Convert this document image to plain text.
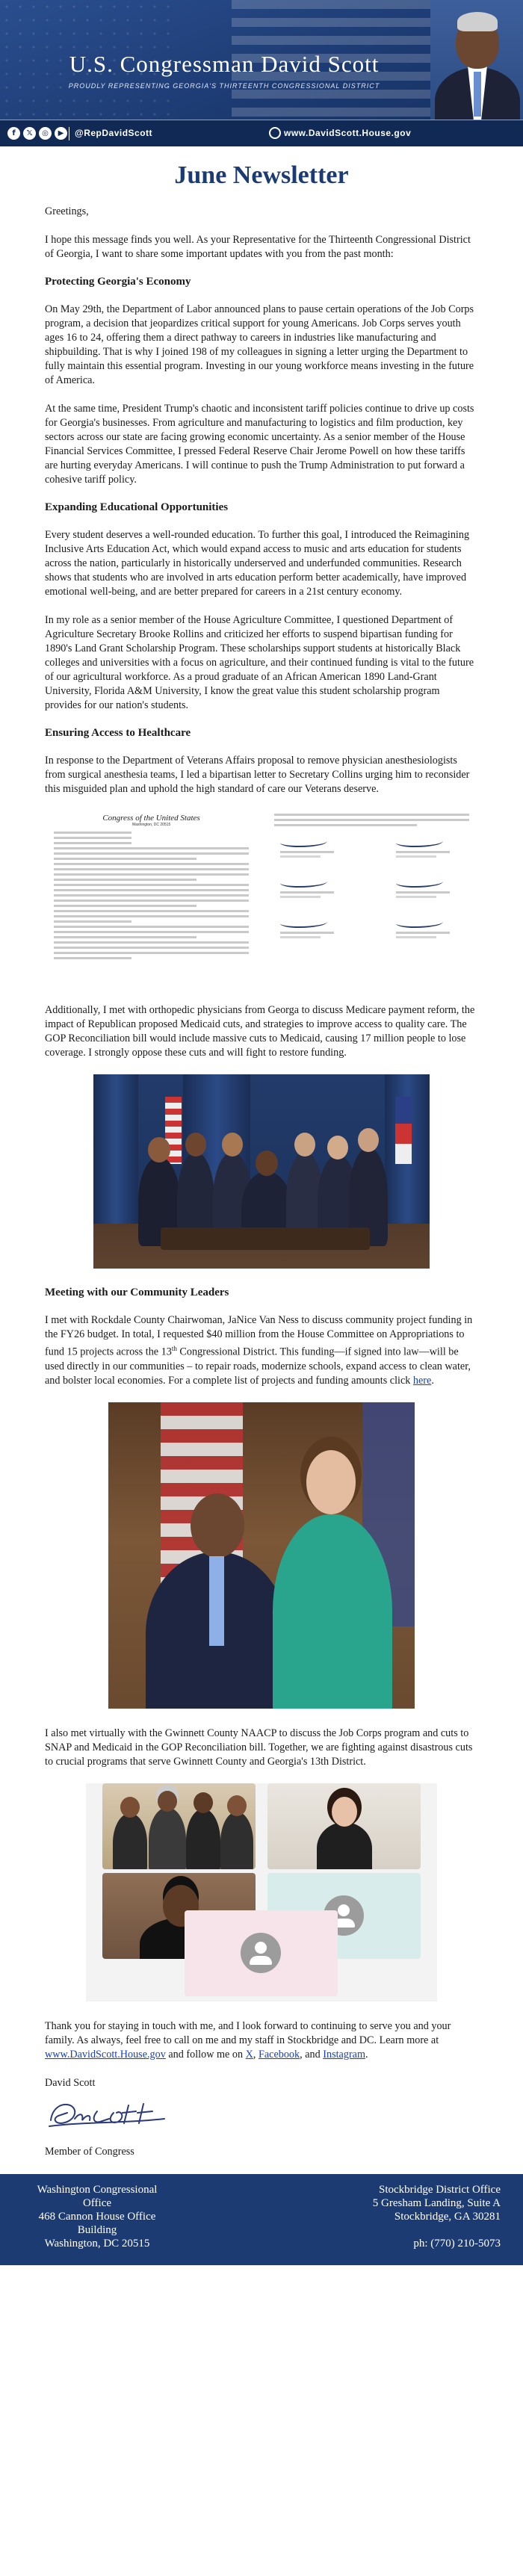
U.S. Congressman David Scott
PROUDLY REPRESENTING GEORGIA'S THIRTEENTH CONGRESSIONAL DISTRICT
f	𝕏	◎	▶	@RepDavidScott	www.DavidScott.House.gov
June Newsletter

Greetings,

I hope this message finds you well. As your Representative for the Thirteenth Congressional District of Georgia, I want to share some important updates with you from the past month:

Protecting Georgia's Economy

On May 29th, the Department of Labor announced plans to pause certain operations of the Job Corps program, a decision that jeopardizes critical support for young Americans. Job Corps serves youth ages 16 to 24, offering them a direct pathway to careers in industries like manufacturing and shipbuilding. That is why I joined 198 of my colleagues in signing a letter urging the Department to fully maintain this essential program. Investing in our young workforce means investing in the future of America.

At the same time, President Trump's chaotic and inconsistent tariff policies continue to drive up costs for Georgia's businesses. From agriculture and manufacturing to logistics and film production, key sectors across our state are facing growing economic uncertainty. As a senior member of the House Financial Services Committee, I pressed Federal Reserve Chair Jerome Powell on how these tariffs are hurting everyday Americans. I will continue to push the Trump Administration to put forward a cohesive tariff policy.

Expanding Educational Opportunities

Every student deserves a well-rounded education. To further this goal, I introduced the Reimagining Inclusive Arts Education Act, which would expand access to music and arts education for students across the nation, particularly in historically underserved and underfunded communities. Research shows that students who are involved in arts education perform better academically, have improved emotional well-being, and are better prepared for careers in a 21st century economy.

In my role as a senior member of the House Agriculture Committee, I questioned Department of Agriculture Secretary Brooke Rollins and criticized her efforts to suspend bipartisan funding for 1890's Land Grant Scholarship Program. These scholarships support students at historically Black colleges and universities with a focus on agriculture, and their continued funding is vital to the future of our agricultural workforce. As a proud graduate of an African American 1890 Land-Grant University, Florida A&M University, I know the great value this student scholarship program provides for our nation's students.

Ensuring Access to Healthcare

In response to the Department of Veterans Affairs proposal to remove physician anesthesiologists from surgical anesthesia teams, I led a bipartisan letter to Secretary Collins urging him to reconsider this misguided plan and uphold the high standard of care our Veterans deserve.

Congress of the United States
Washington, DC 20515

Additionally, I met with orthopedic physicians from Georga to discuss Medicare payment reform, the impact of Republican proposed Medicaid cuts, and strategies to improve access to quality care. The GOP Reconciliation bill would include massive cuts to Medicaid, causing 17 million people to lose coverage. I strongly oppose these cuts and will fight to restore funding.

Meeting with our Community Leaders

I met with Rockdale County Chairwoman, JaNice Van Ness to discuss community project funding in the FY26 budget. In total, I requested $40 million from the House Committee on Appropriations to fund 15 projects across the 13th Congressional District. This funding—if signed into law—will be used directly in our communities – to repair roads, modernize schools, expand access to clean water, and bolster local economies. For a complete list of projects and funding amounts click here.

I also met virtually with the Gwinnett County NAACP to discuss the Job Corps program and cuts to SNAP and Medicaid in the GOP Reconciliation bill. Together, we are fighting against disastrous cuts to crucial programs that serve Gwinnett County and Georgia's 13th District.

Thank you for staying in touch with me, and I look forward to continuing to serve you and your family. As always, feel free to call on me and my staff in Stockbridge and DC. Learn more at www.DavidScott.House.gov and follow me on X, Facebook, and Instagram.

David Scott

Member of Congress

Washington Congressional Office
468 Cannon House Office Building
Washington, DC 20515
ph: (202) 225-2939
Stockbridge District Office
5 Gresham Landing, Suite A
Stockbridge, GA 30281
ph: (770) 210-5073
